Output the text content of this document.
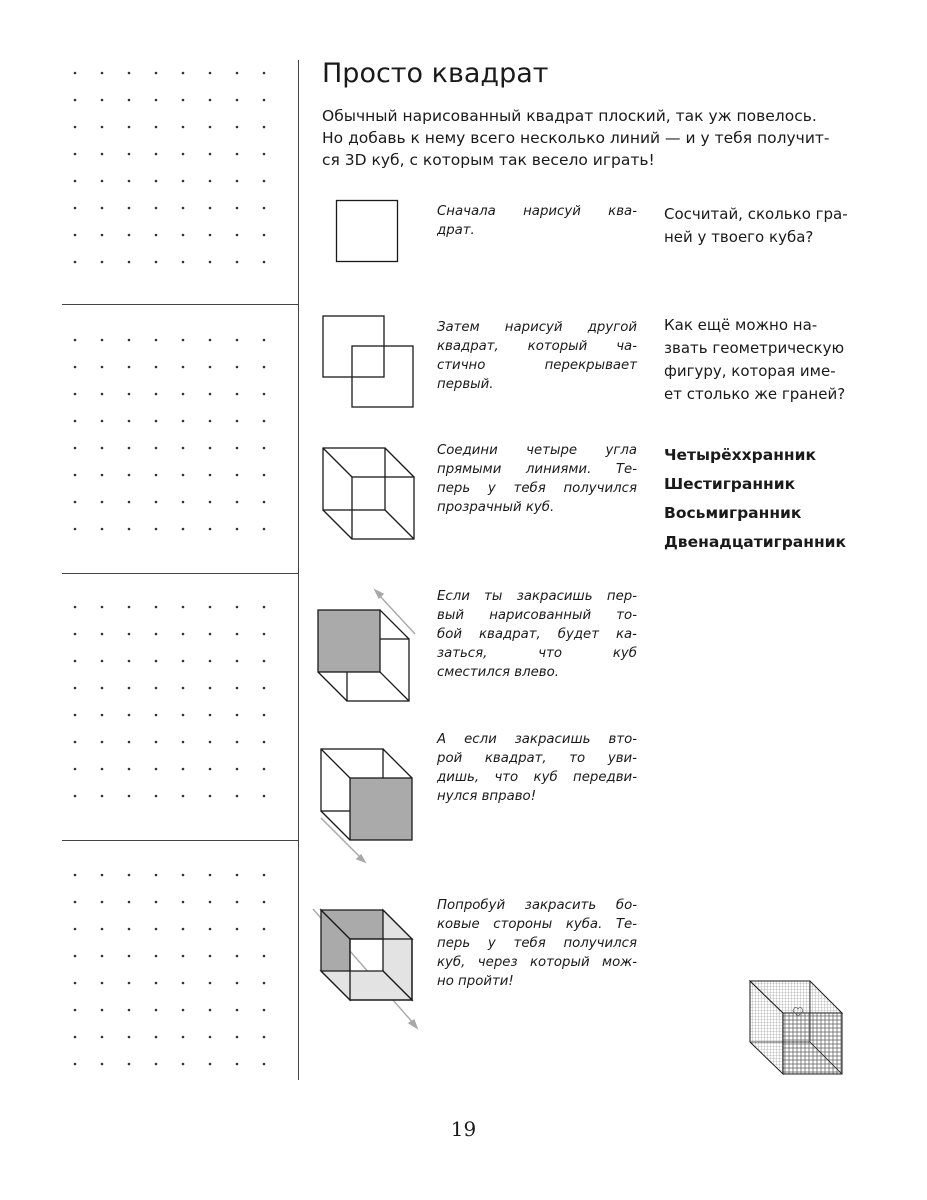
Просто квадрат

Обычный нарисованный квадрат плоский, так уж повелось.
Но добавь к нему всего несколько линий — и у тебя получит-
ся 3D куб, с которым так весело играть!

Сначала нарисуй ква-
драт.
Затем нарисуй другой
квадрат, который ча-
стично перекрывает
первый.
Соедини четыре угла
прямыми линиями. Те-
перь у тебя получился
прозрачный куб.
Если ты закрасишь пер-
вый нарисованный то-
бой квадрат, будет ка-
заться, что куб
сместился влево.
А если закрасишь вто-
рой квадрат, то уви-
дишь, что куб передви-
нулся вправо!
Попробуй закрасить бо-
ковые стороны куба. Те-
перь у тебя получился
куб, через который мож-
но пройти!
Сосчитай, сколько гра-
ней у твоего куба?
Как ещё можно на-
звать геометрическую
фигуру, которая име-
ет столько же граней?
Четырёххранник
Шестигранник
Восьмигранник
Двенадцатигранник
19
